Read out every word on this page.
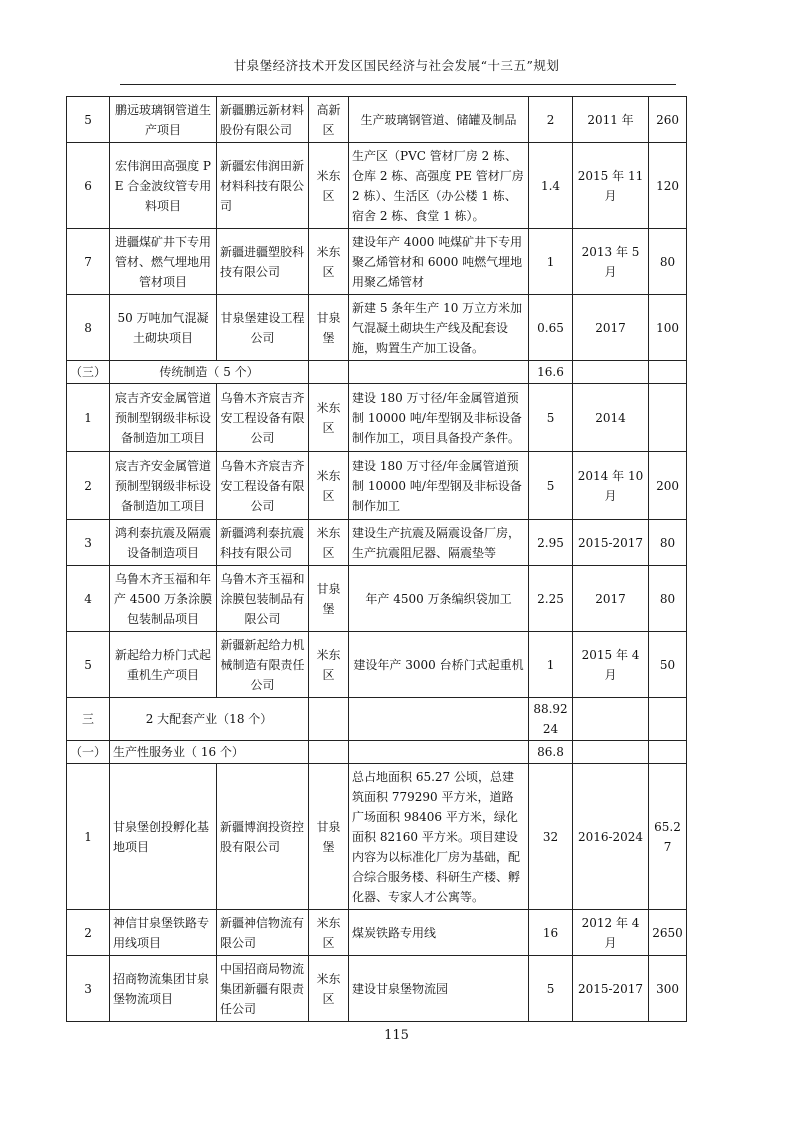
甘泉堡经济技术开发区国民经济与社会发展“十三五”规划
5	鹏远玻璃钢管道生产项目	新疆鹏远新材料股份有限公司	高新区	生产玻璃钢管道、储罐及制品	2	2011 年	260
6	宏伟润田高强度 PE 合金波纹管专用料项目	新疆宏伟润田新材料科技有限公司	米东区	生产区（PVC 管材厂房 2 栋、仓库 2 栋、高强度 PE 管材厂房 2 栋）、生活区（办公楼 1 栋、宿舍 2 栋、食堂 1 栋）。	1.4	2015 年 11 月	120
7	进疆煤矿井下专用管材、燃气埋地用管材项目	新疆进疆塑胶科技有限公司	米东区	建设年产 4000 吨煤矿井下专用聚乙烯管材和 6000 吨燃气埋地用聚乙烯管材	1	2013 年 5 月	80
8	50 万吨加气混凝土砌块项目	甘泉堡建设工程公司	甘泉堡	新建 5 条年生产 10 万立方米加气混凝土砌块生产线及配套设施，购置生产加工设备。	0.65	2017	100
（三）	传统制造（ 5 个）				16.6		
1	宸吉齐安金属管道预制型钢级非标设备制造加工项目	乌鲁木齐宸吉齐安工程设备有限公司	米东区	建设 180 万寸径/年金属管道预制 10000 吨/年型钢及非标设备制作加工，项目具备投产条件。	5	2014	
2	宸吉齐安金属管道预制型钢级非标设备制造加工项目	乌鲁木齐宸吉齐安工程设备有限公司	米东区	建设 180 万寸径/年金属管道预制 10000 吨/年型钢及非标设备制作加工	5	2014 年 10 月	200
3	鸿利泰抗震及隔震设备制造项目	新疆鸿利泰抗震科技有限公司	米东区	建设生产抗震及隔震设备厂房，生产抗震阻尼器、隔震垫等	2.95	2015-2017	80
4	乌鲁木齐玉福和年产 4500 万条涂膜包装制品项目	乌鲁木齐玉福和涂膜包装制品有限公司	甘泉堡	年产 4500 万条编织袋加工	2.25	2017	80
5	新起给力桥门式起重机生产项目	新疆新起给力机械制造有限责任公司	米东区	建设年产 3000 台桥门式起重机	1	2015 年 4 月	50
三	2 大配套产业（18 个）				88.9224		
（一）	生产性服务业（ 16 个）				86.8		
1	甘泉堡创投孵化基地项目	新疆博润投资控股有限公司	甘泉堡	总占地面积 65.27 公顷，总建筑面积 779290 平方米，道路广场面积 98406 平方米，绿化面积 82160 平方米。项目建设内容为以标准化厂房为基础，配合综合服务楼、科研生产楼、孵化器、专家人才公寓等。	32	2016-2024	65.27
2	神信甘泉堡铁路专用线项目	新疆神信物流有限公司	米东区	煤炭铁路专用线	16	2012 年 4 月	2650
3	招商物流集团甘泉堡物流项目	中国招商局物流集团新疆有限责任公司	米东区	建设甘泉堡物流园	5	2015-2017	300
115
